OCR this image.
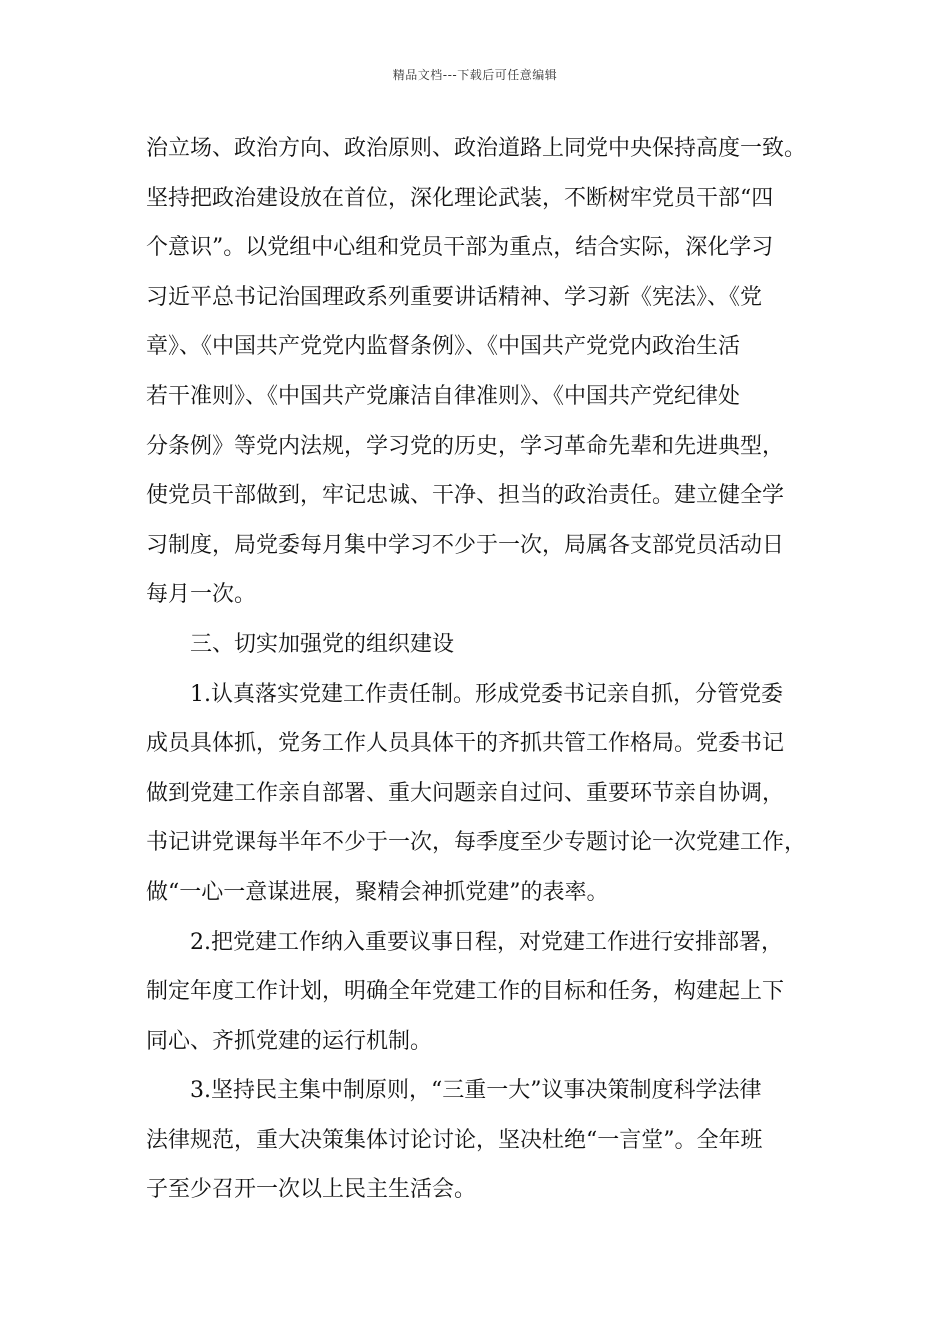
精品文档---下载后可任意编辑
治立场、政治方向、政治原则、政治道路上同党中央保持高度一致。
坚持把政治建设放在首位，深化理论武装，不断树牢党员干部“四
个意识”。以党组中心组和党员干部为重点，结合实际，深化学习
习近平总书记治国理政系列重要讲话精神、学习新《宪法》、《党
章》、《中国共产党党内监督条例》、《中国共产党党内政治生活
若干准则》、《中国共产党廉洁自律准则》、《中国共产党纪律处
分条例》等党内法规，学习党的历史，学习革命先辈和先进典型，
使党员干部做到，牢记忠诚、干净、担当的政治责任。建立健全学
习制度，局党委每月集中学习不少于一次，局属各支部党员活动日
每月一次。
三、切实加强党的组织建设
1.认真落实党建工作责任制。形成党委书记亲自抓，分管党委
成员具体抓，党务工作人员具体干的齐抓共管工作格局。党委书记
做到党建工作亲自部署、重大问题亲自过问、重要环节亲自协调，
书记讲党课每半年不少于一次，每季度至少专题讨论一次党建工作，
做“一心一意谋进展，聚精会神抓党建”的表率。
2.把党建工作纳入重要议事日程，对党建工作进行安排部署，
制定年度工作计划，明确全年党建工作的目标和任务，构建起上下
同心、齐抓党建的运行机制。
3.坚持民主集中制原则，“三重一大”议事决策制度科学法律
法律规范，重大决策集体讨论讨论，坚决杜绝“一言堂”。全年班
子至少召开一次以上民主生活会。
